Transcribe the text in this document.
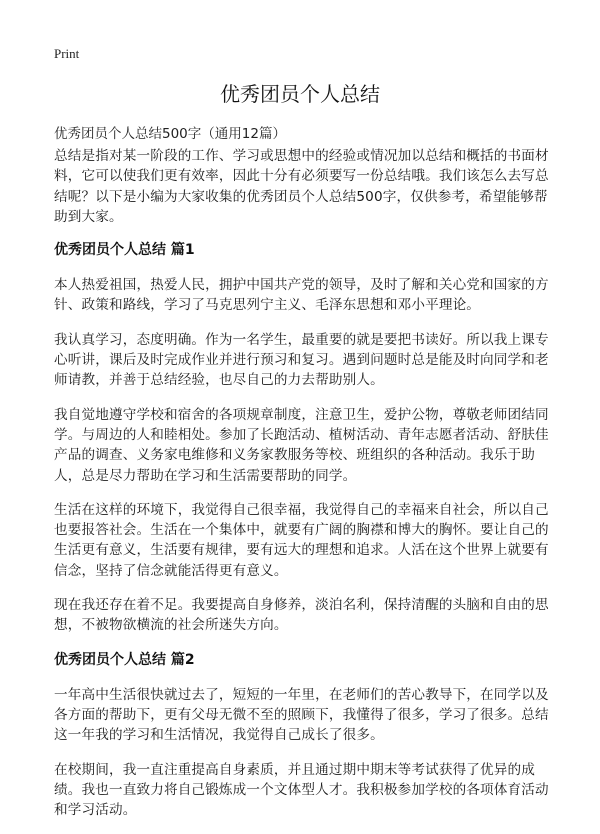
Print
优秀团员个人总结
优秀团员个人总结500字（通用12篇）

总结是指对某一阶段的工作、学习或思想中的经验或情况加以总结和概括的书面材料，它可以使我们更有效率，因此十分有必须要写一份总结哦。我们该怎么去写总结呢？以下是小编为大家收集的优秀团员个人总结500字，仅供参考，希望能够帮助到大家。

优秀团员个人总结 篇1

本人热爱祖国，热爱人民，拥护中国共产党的领导，及时了解和关心党和国家的方针、政策和路线，学习了马克思列宁主义、毛泽东思想和邓小平理论。

我认真学习，态度明确。作为一名学生，最重要的就是要把书读好。所以我上课专心听讲，课后及时完成作业并进行预习和复习。遇到问题时总是能及时向同学和老师请教，并善于总结经验，也尽自己的力去帮助别人。

我自觉地遵守学校和宿舍的各项规章制度，注意卫生，爱护公物，尊敬老师团结同学。与周边的人和睦相处。参加了长跑活动、植树活动、青年志愿者活动、舒肤佳产品的调查、义务家电维修和义务家教服务等校、班组织的各种活动。我乐于助人，总是尽力帮助在学习和生活需要帮助的同学。

生活在这样的环境下，我觉得自己很幸福，我觉得自己的幸福来自社会，所以自己也要报答社会。生活在一个集体中，就要有广阔的胸襟和博大的胸怀。要让自己的生活更有意义，生活要有规律，要有远大的理想和追求。人活在这个世界上就要有信念，坚持了信念就能活得更有意义。

现在我还存在着不足。我要提高自身修养，淡泊名利，保持清醒的头脑和自由的思想，不被物欲横流的社会所迷失方向。

优秀团员个人总结 篇2

一年高中生活很快就过去了，短短的一年里，在老师们的苦心教导下，在同学以及各方面的帮助下，更有父母无微不至的照顾下，我懂得了很多，学习了很多。总结这一年我的学习和生活情况，我觉得自己成长了很多。

在校期间，我一直注重提高自身素质，并且通过期中期末等考试获得了优异的成绩。我也一直致力将自己锻炼成一个文体型人才。我积极参加学校的各项体育活动和学习活动。
